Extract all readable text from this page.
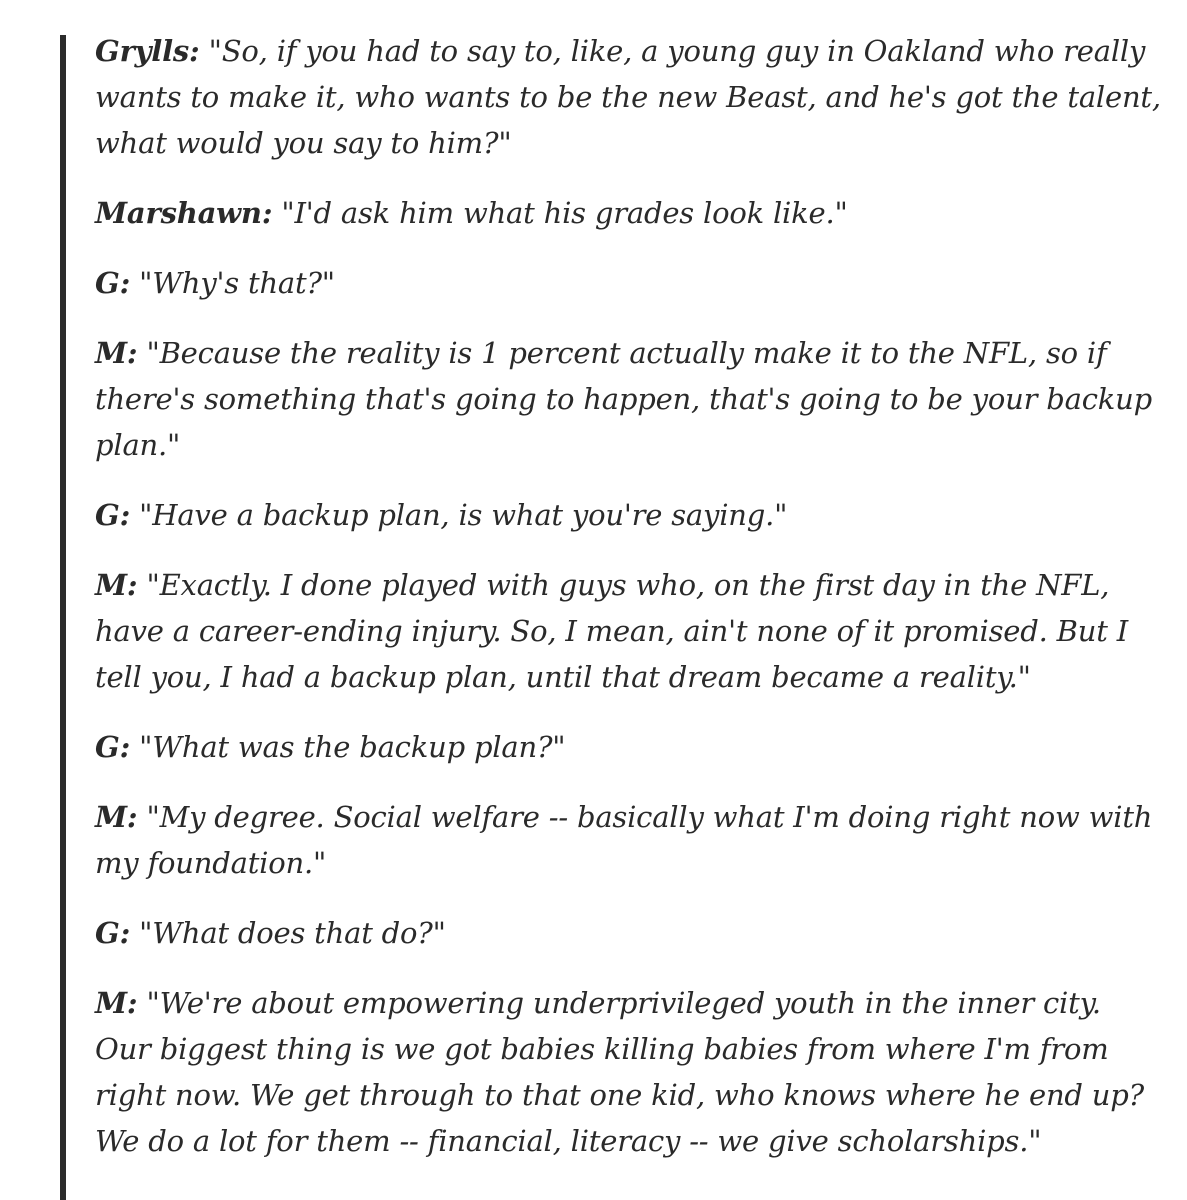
Grylls: "So, if you had to say to, like, a young guy in Oakland who really wants to make it, who wants to be the new Beast, and he's got the talent, what would you say to him?"

Marshawn: "I'd ask him what his grades look like."

G: "Why's that?"

M: "Because the reality is 1 percent actually make it to the NFL, so if there's something that's going to happen, that's going to be your backup plan."

G: "Have a backup plan, is what you're saying."

M: "Exactly. I done played with guys who, on the first day in the NFL, have a career-ending injury. So, I mean, ain't none of it promised. But I tell you, I had a backup plan, until that dream became a reality."

G: "What was the backup plan?"

M: "My degree. Social welfare -- basically what I'm doing right now with my foundation."

G: "What does that do?"

M: "We're about empowering underprivileged youth in the inner city. Our biggest thing is we got babies killing babies from where I'm from right now. We get through to that one kid, who knows where he end up? We do a lot for them -- financial, literacy -- we give scholarships."
